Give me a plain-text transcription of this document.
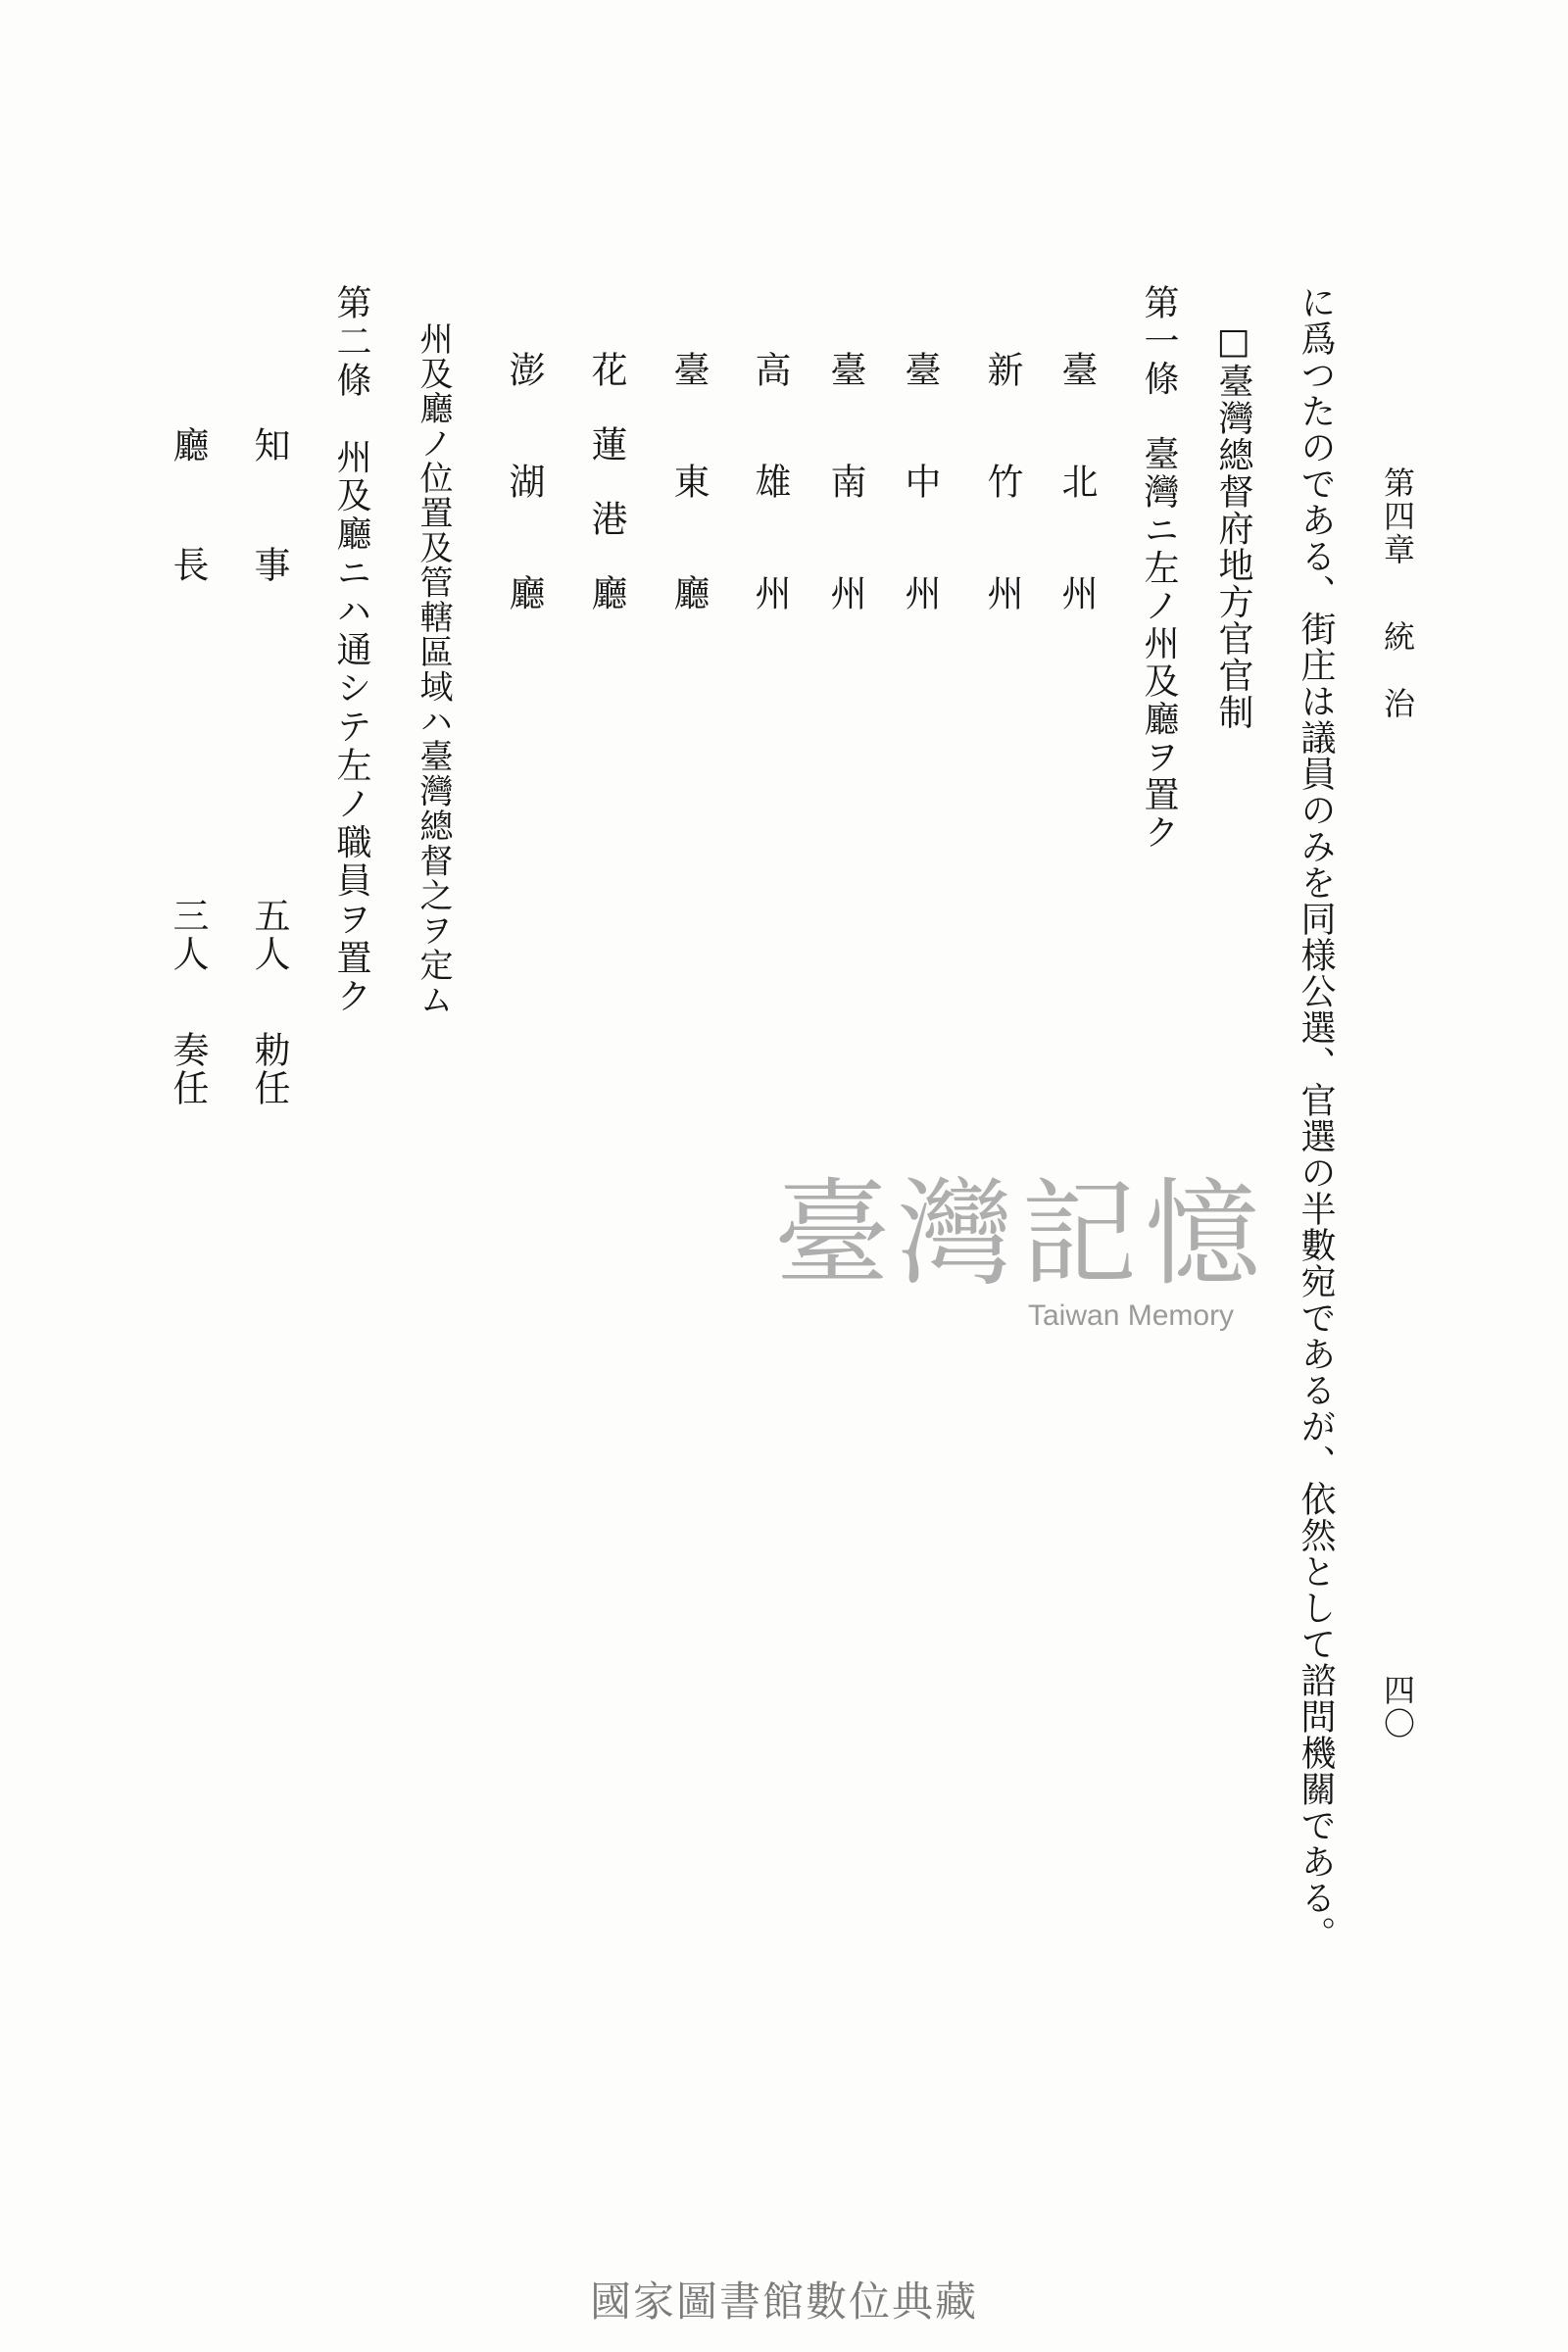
第四章
統治
四〇
に爲つたのである、街庄は議員のみを同様公選、官選の半數宛であるが、依然として諮問機關である。
□臺灣總督府地方官官制
第一條　臺灣ニ左ノ州及廳ヲ置ク
臺北州
新竹州
臺中州
臺南州
高雄州
臺東廳
花蓮港廳
澎湖廳
州及廳ノ位置及管轄區域ハ臺灣總督之ヲ定ム
第二條　州及廳ニハ通シテ左ノ職員ヲ置ク
知事
五人
勅任
廳長
三人
奏任
臺灣記憶
Taiwan Memory
國家圖書館數位典藏
